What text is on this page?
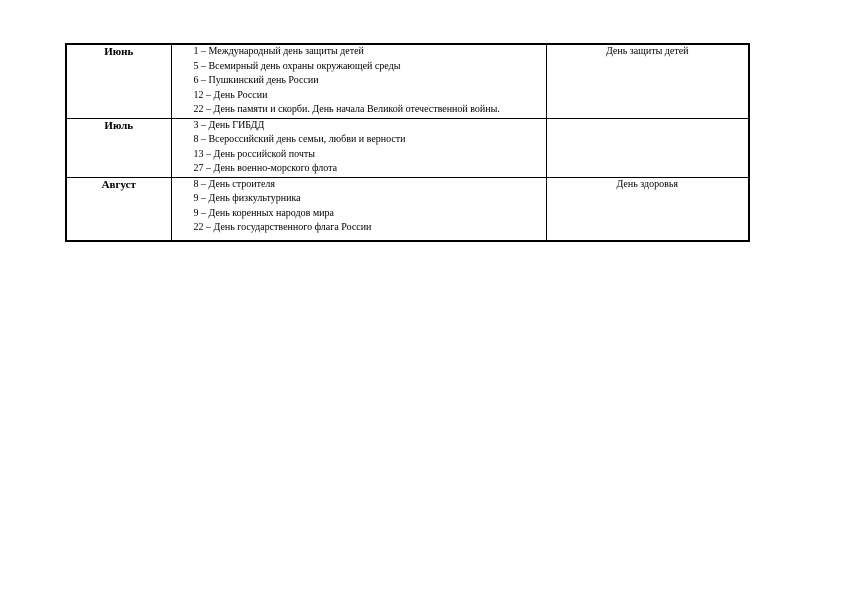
Июнь	1 – Международный день защиты детей
5 – Всемирный день охраны окружающей среды
6 – Пушкинский день России
12 – День России
22 – День памяти и скорби. День начала Великой отечественной войны.	День защиты детей
Июль	3 – День ГИБДД
8 – Всероссийский день семьи, любви и верности
13 – День российской почты
27 – День военно-морского флота	

Август	8 – День строителя
9 – День физкультурника
9 – День коренных народов мира
22 – День государственного флага России	День здоровья
